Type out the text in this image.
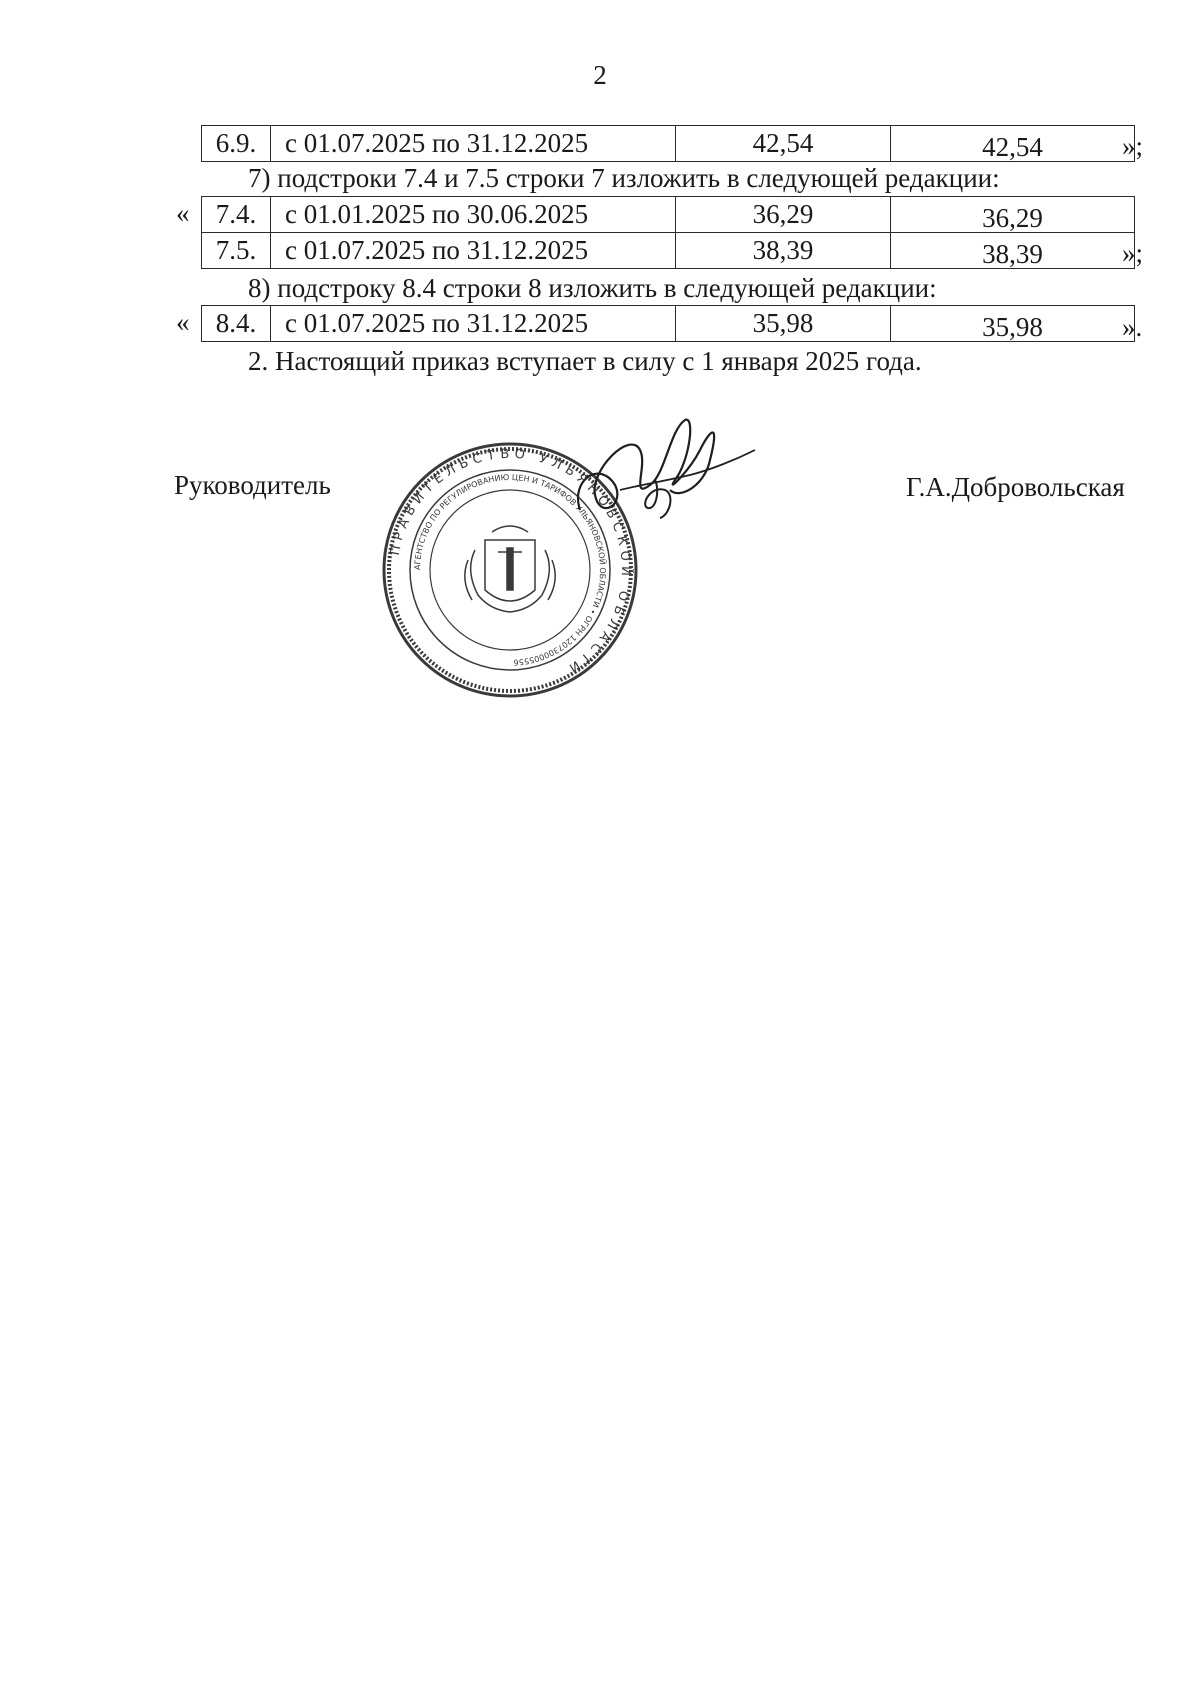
2
6.9.	с 01.07.2025 по 31.12.2025	42,54	42,54	»;
7) подстроки 7.4 и 7.5 строки 7 изложить в следующей редакции:
« 7.4.	с 01.01.2025 по 30.06.2025	36,29	36,29
7.5.	с 01.07.2025 по 31.12.2025	38,39	38,39	»;
8) подстроку 8.4 строки 8 изложить в следующей редакции:
« 8.4.	с 01.07.2025 по 31.12.2025	35,98	35,98	».
2. Настоящий приказ вступает в силу с 1 января 2025 года.
Руководитель	Г.А.Добровольская
ПРАВИТЕЛЬСТВО УЛЬЯНОВСКОЙ ОБЛАСТИ
АГЕНТСТВО ПО РЕГУЛИРОВАНИЮ ЦЕН И ТАРИФОВ УЛЬЯНОВСКОЙ ОБЛАСТИ • ОГРН 1207300005556
